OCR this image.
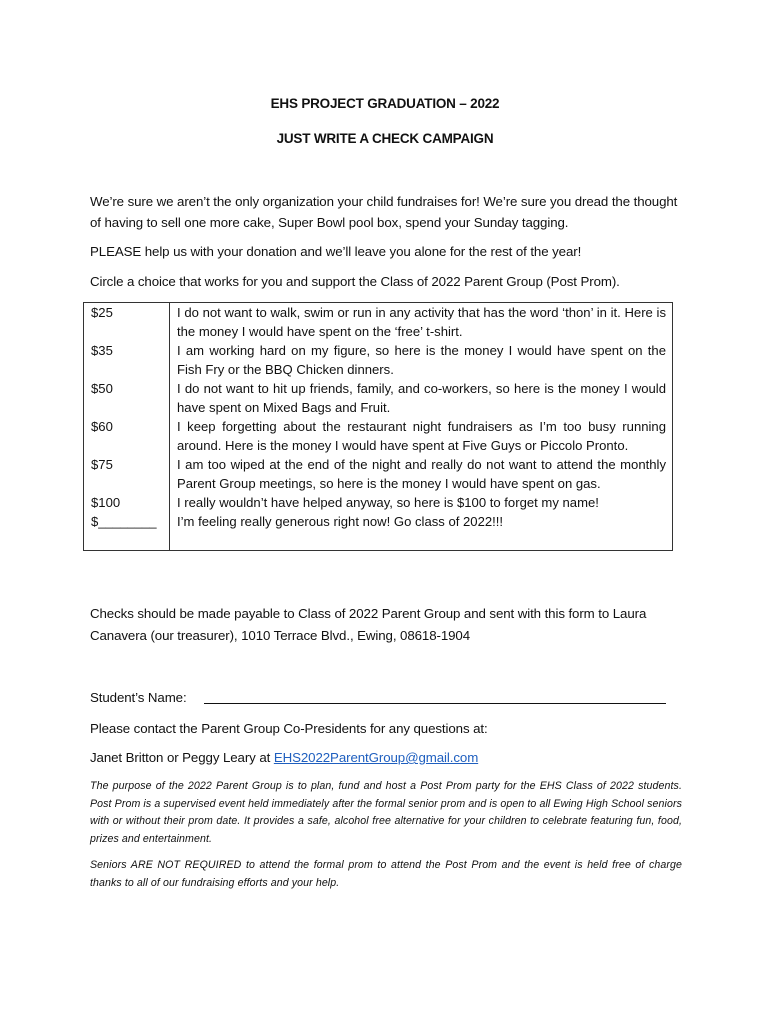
EHS PROJECT GRADUATION – 2022
JUST WRITE A CHECK CAMPAIGN

We’re sure we aren’t the only organization your child fundraises for! We’re sure you dread the thought of having to sell one more cake, Super Bowl pool box, spend your Sunday tagging.

PLEASE help us with your donation and we’ll leave you alone for the rest of the year!

Circle a choice that works for you and support the Class of 2022 Parent Group (Post Prom).

$25	I do not want to walk, swim or run in any activity that has the word ‘thon’ in it. Here is the money I would have spent on the ‘free’ t-shirt.
$35	I am working hard on my figure, so here is the money I would have spent on the Fish Fry or the BBQ Chicken dinners.
$50	I do not want to hit up friends, family, and co-workers, so here is the money I would have spent on Mixed Bags and Fruit.
$60	I keep forgetting about the restaurant night fundraisers as I’m too busy running around. Here is the money I would have spent at Five Guys or Piccolo Pronto.
$75	I am too wiped at the end of the night and really do not want to attend the monthly Parent Group meetings, so here is the money I would have spent on gas.
$100	I really wouldn’t have helped anyway, so here is $100 to forget my name!
$________	I’m feeling really generous right now! Go class of 2022!!!

Checks should be made payable to Class of 2022 Parent Group and sent with this form to Laura Canavera (our treasurer), 1010 Terrace Blvd., Ewing, 08618-1904

Student’s Name:
Please contact the Parent Group Co-Presidents for any questions at:
Janet Britton or Peggy Leary at EHS2022ParentGroup@gmail.com

The purpose of the 2022 Parent Group is to plan, fund and host a Post Prom party for the EHS Class of 2022 students. Post Prom is a supervised event held immediately after the formal senior prom and is open to all Ewing High School seniors with or without their prom date. It provides a safe, alcohol free alternative for your children to celebrate featuring fun, food, prizes and entertainment.

Seniors ARE NOT REQUIRED to attend the formal prom to attend the Post Prom and the event is held free of charge thanks to all of our fundraising efforts and your help.
